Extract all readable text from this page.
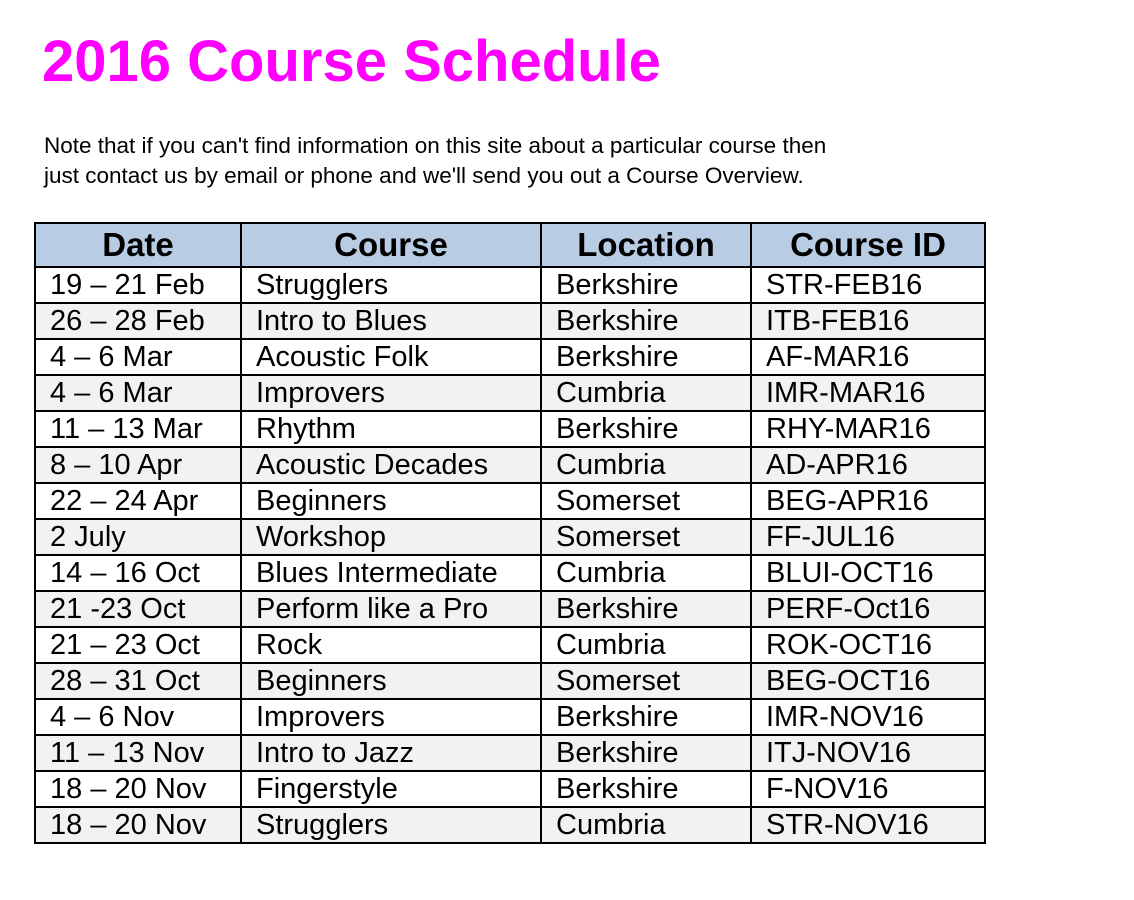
2016 Course Schedule

Note that if you can't find information on this site about a particular course then
just contact us by email or phone and we'll send you out a Course Overview.

Date	Course	Location	Course ID
19 – 21 Feb	Strugglers	Berkshire	STR-FEB16
26 – 28 Feb	Intro to Blues	Berkshire	ITB-FEB16
4 – 6 Mar	Acoustic Folk	Berkshire	AF-MAR16
4 – 6 Mar	Improvers	Cumbria	IMR-MAR16
11 – 13 Mar	Rhythm	Berkshire	RHY-MAR16
8 – 10 Apr	Acoustic Decades	Cumbria	AD-APR16
22 – 24 Apr	Beginners	Somerset	BEG-APR16
2 July	Workshop	Somerset	FF-JUL16
14 – 16 Oct	Blues Intermediate	Cumbria	BLUI-OCT16
21 -23 Oct	Perform like a Pro	Berkshire	PERF-Oct16
21 – 23 Oct	Rock	Cumbria	ROK-OCT16
28 – 31 Oct	Beginners	Somerset	BEG-OCT16
4 – 6 Nov	Improvers	Berkshire	IMR-NOV16
11 – 13 Nov	Intro to Jazz	Berkshire	ITJ-NOV16
18 – 20 Nov	Fingerstyle	Berkshire	F-NOV16
18 – 20 Nov	Strugglers	Cumbria	STR-NOV16
